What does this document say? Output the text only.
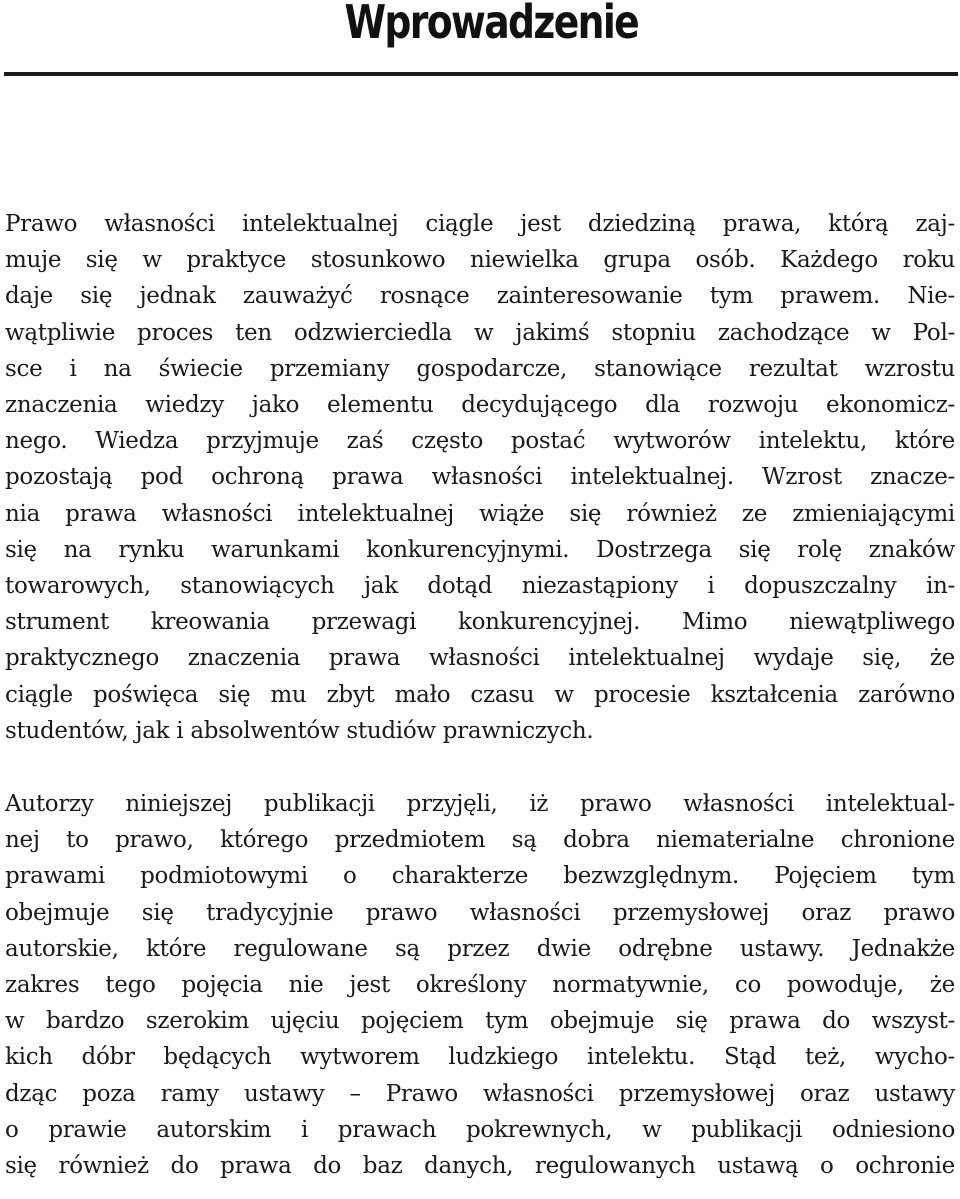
Wprowadzenie

Prawo własności intelektualnej ciągle jest dziedziną prawa, którą zaj-
muje się w praktyce stosunkowo niewielka grupa osób. Każdego roku
daje się jednak zauważyć rosnące zainteresowanie tym prawem. Nie-
wątpliwie proces ten odzwierciedla w jakimś stopniu zachodzące w Pol-
sce i na świecie przemiany gospodarcze, stanowiące rezultat wzrostu
znaczenia wiedzy jako elementu decydującego dla rozwoju ekonomicz-
nego. Wiedza przyjmuje zaś często postać wytworów intelektu, które
pozostają pod ochroną prawa własności intelektualnej. Wzrost znacze-
nia prawa własności intelektualnej wiąże się również ze zmieniającymi
się na rynku warunkami konkurencyjnymi. Dostrzega się rolę znaków
towarowych, stanowiących jak dotąd niezastąpiony i dopuszczalny in-
strument kreowania przewagi konkurencyjnej. Mimo niewątpliwego
praktycznego znaczenia prawa własności intelektualnej wydaje się, że
ciągle poświęca się mu zbyt mało czasu w procesie kształcenia zarówno
studentów, jak i absolwentów studiów prawniczych.

Autorzy niniejszej publikacji przyjęli, iż prawo własności intelektual-
nej to prawo, którego przedmiotem są dobra niematerialne chronione
prawami podmiotowymi o charakterze bezwzględnym. Pojęciem tym
obejmuje się tradycyjnie prawo własności przemysłowej oraz prawo
autorskie, które regulowane są przez dwie odrębne ustawy. Jednakże
zakres tego pojęcia nie jest określony normatywnie, co powoduje, że
w bardzo szerokim ujęciu pojęciem tym obejmuje się prawa do wszyst-
kich dóbr będących wytworem ludzkiego intelektu. Stąd też, wycho-
dząc poza ramy ustawy – Prawo własności przemysłowej oraz ustawy
o prawie autorskim i prawach pokrewnych, w publikacji odniesiono
się również do prawa do baz danych, regulowanych ustawą o ochronie
